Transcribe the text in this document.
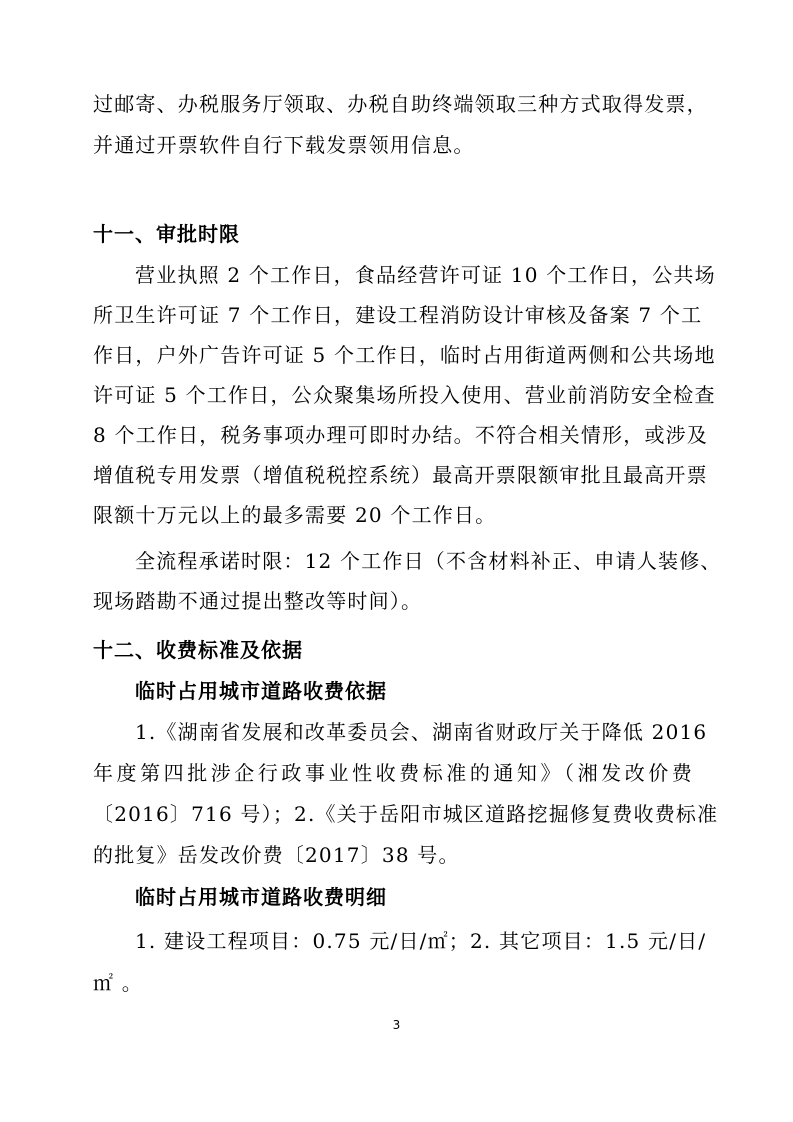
过邮寄、办税服务厅领取、办税自助终端领取三种方式取得发票，
并通过开票软件自行下载发票领用信息。
十一、审批时限
营业执照 2 个工作日，食品经营许可证 10 个工作日，公共场
所卫生许可证 7 个工作日，建设工程消防设计审核及备案 7 个工
作日，户外广告许可证 5 个工作日，临时占用街道两侧和公共场地
许可证 5 个工作日，公众聚集场所投入使用、营业前消防安全检查
8 个工作日，税务事项办理可即时办结。不符合相关情形，或涉及
增值税专用发票（增值税税控系统）最高开票限额审批且最高开票
限额十万元以上的最多需要 20 个工作日。
全流程承诺时限：12 个工作日（不含材料补正、申请人装修、
现场踏勘不通过提出整改等时间）。
十二、收费标准及依据
临时占用城市道路收费依据
1.《湖南省发展和改革委员会、湖南省财政厅关于降低 2016
年度第四批涉企行政事业性收费标准的通知》（湘发改价费
〔2016〕716 号）；2.《关于岳阳市城区道路挖掘修复费收费标准
的批复》岳发改价费〔2017〕38 号。
临时占用城市道路收费明细
1. 建设工程项目：0.75 元/日/㎡；2. 其它项目：1.5 元/日/
㎡ 。
3
